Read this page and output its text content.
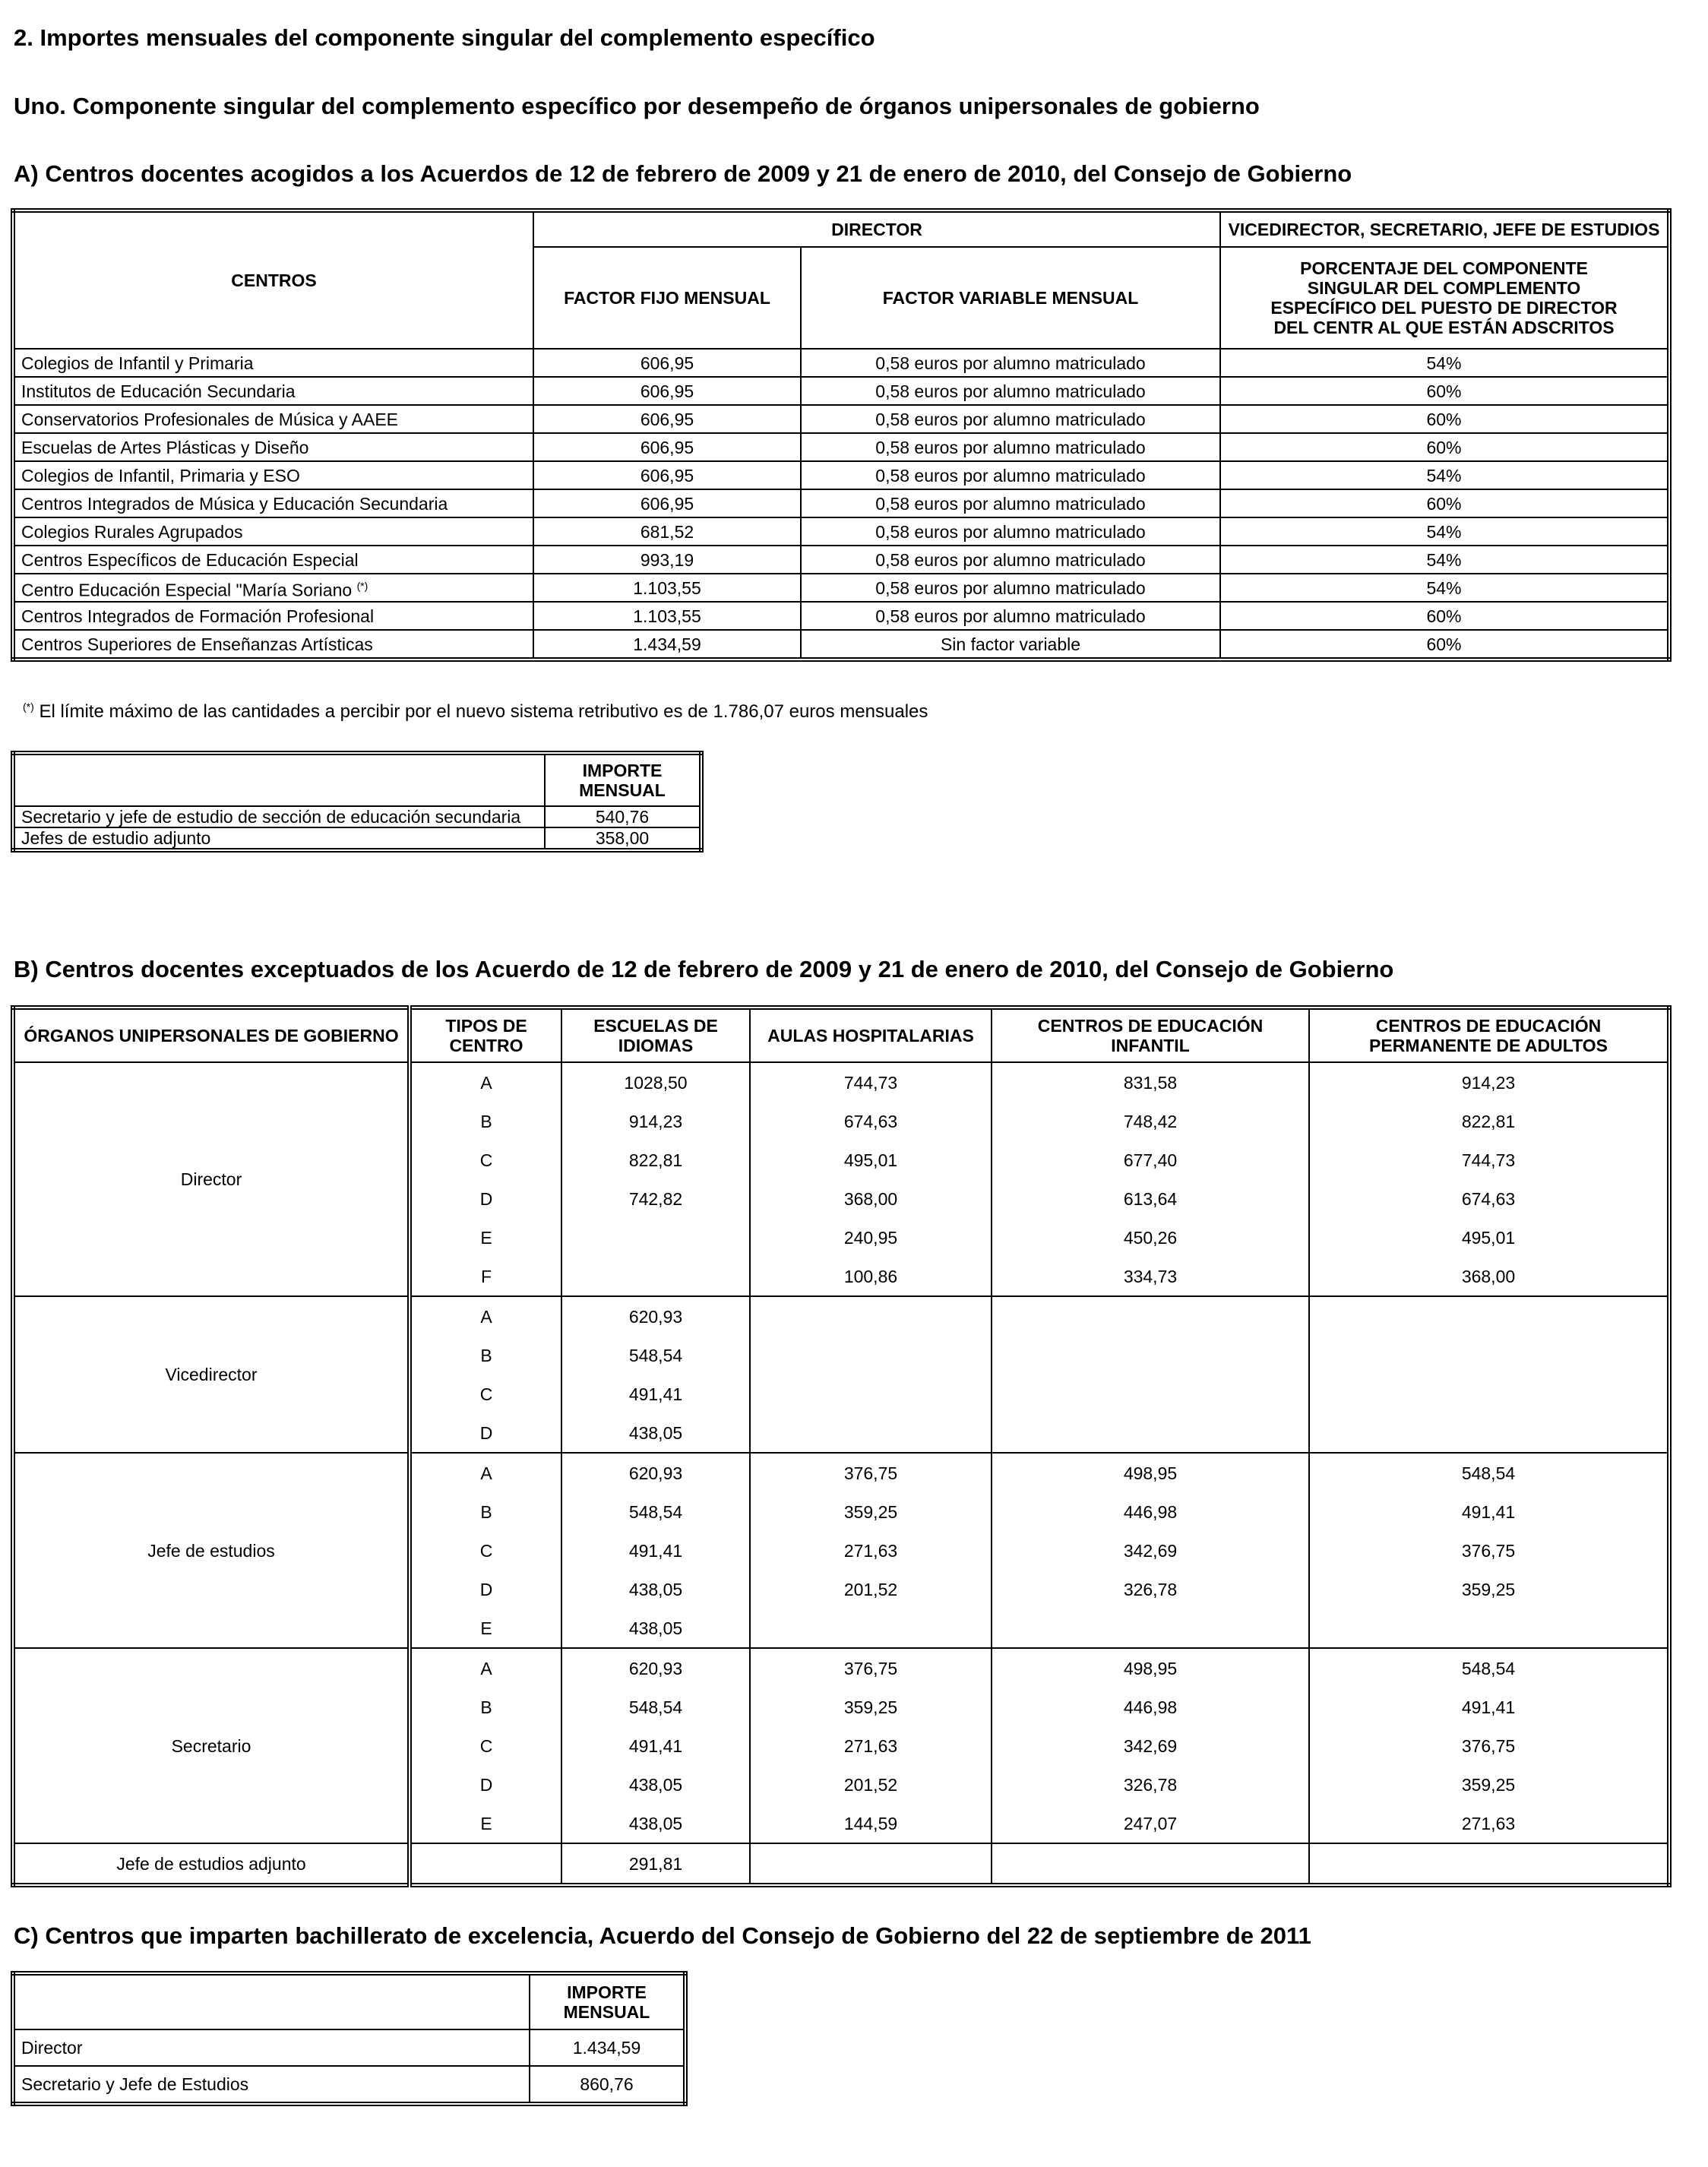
2. Importes mensuales del componente singular del complemento específico
Uno. Componente singular del complemento específico por desempeño de órganos unipersonales de gobierno
A) Centros docentes acogidos a los Acuerdos de 12 de febrero de 2009 y 21 de enero de 2010, del Consejo de Gobierno
CENTROS	DIRECTOR		VICEDIRECTOR, SECRETARIO, JEFE DE ESTUDIOS
	FACTOR FIJO MENSUAL	FACTOR VARIABLE MENSUAL	PORCENTAJE DEL COMPONENTE SINGULAR DEL COMPLEMENTO ESPECÍFICO DEL PUESTO DE DIRECTOR DEL CENTR AL QUE ESTÁN ADSCRITOS
Colegios de Infantil y Primaria	606,95	0,58 euros por alumno matriculado	54%
Institutos de Educación Secundaria	606,95	0,58 euros por alumno matriculado	60%
Conservatorios Profesionales de Música y AAEE	606,95	0,58 euros por alumno matriculado	60%
Escuelas de Artes Plásticas y Diseño	606,95	0,58 euros por alumno matriculado	60%
Colegios de Infantil, Primaria y ESO	606,95	0,58 euros por alumno matriculado	54%
Centros Integrados de Música y Educación Secundaria	606,95	0,58 euros por alumno matriculado	60%
Colegios Rurales Agrupados	681,52	0,58 euros por alumno matriculado	54%
Centros Específicos de Educación Especial	993,19	0,58 euros por alumno matriculado	54%
Centro Educación Especial "María Soriano (*)	1.103,55	0,58 euros por alumno matriculado	54%
Centros Integrados de Formación Profesional	1.103,55	0,58 euros por alumno matriculado	60%
Centros Superiores de Enseñanzas Artísticas	1.434,59	Sin factor variable	60%
(*) El límite máximo de las cantidades a percibir por el nuevo sistema retributivo es de 1.786,07 euros mensuales
	IMPORTE MENSUAL
Secretario y jefe de estudio de sección de educación secundaria	540,76
Jefes de estudio adjunto	358,00
B) Centros docentes exceptuados de los Acuerdo de 12 de febrero de 2009 y 21 de enero de 2010, del Consejo de Gobierno
ÓRGANOS UNIPERSONALES DE GOBIERNO	TIPOS DE CENTRO	ESCUELAS DE IDIOMAS	AULAS HOSPITALARIAS	CENTROS DE EDUCACIÓN INFANTIL	CENTROS DE EDUCACIÓN PERMANENTE DE ADULTOS
Director	A	1028,50	744,73	831,58	914,23
	B	914,23	674,63	748,42	822,81
	C	822,81	495,01	677,40	744,73
	D	742,82	368,00	613,64	674,63
	E		240,95	450,26	495,01
	F		100,86	334,73	368,00
Vicedirector	A	620,93			
	B	548,54			
	C	491,41			
	D	438,05			
Jefe de estudios	A	620,93	376,75	498,95	548,54
	B	548,54	359,25	446,98	491,41
	C	491,41	271,63	342,69	376,75
	D	438,05	201,52	326,78	359,25
	E	438,05			
Secretario	A	620,93	376,75	498,95	548,54
	B	548,54	359,25	446,98	491,41
	C	491,41	271,63	342,69	376,75
	D	438,05	201,52	326,78	359,25
	E	438,05	144,59	247,07	271,63
Jefe de estudios adjunto		291,81			
C) Centros que imparten bachillerato de excelencia, Acuerdo del Consejo de Gobierno del 22 de septiembre de 2011
	IMPORTE MENSUAL
Director	1.434,59
Secretario y Jefe de Estudios	860,76
